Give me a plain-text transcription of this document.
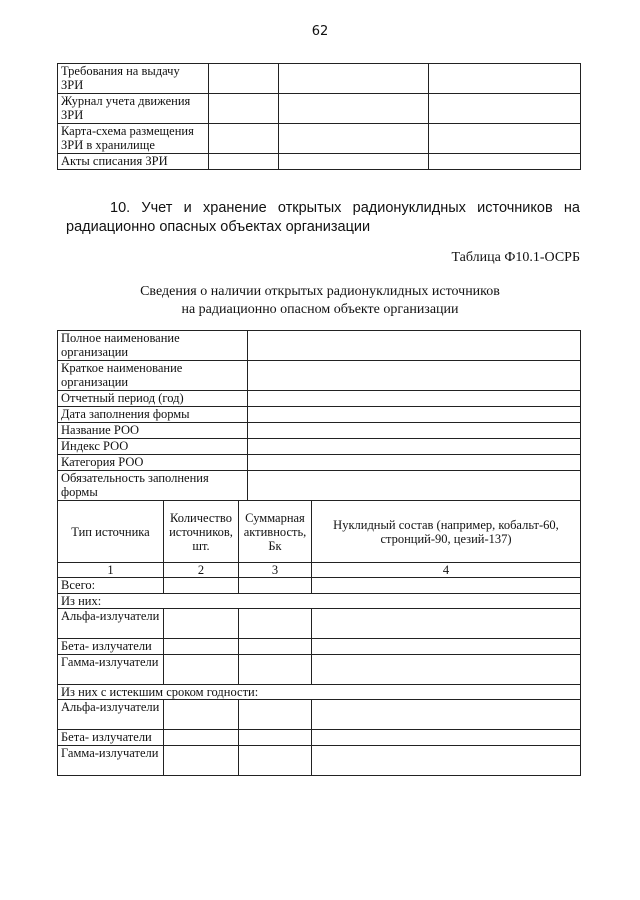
62
Требования на выдачу ЗРИ			
Журнал учета движения ЗРИ			
Карта-схема размещения ЗРИ в хранилище			
Акты списания ЗРИ			
10. Учет и хранение открытых радионуклидных источников на радиационно опасных объектах организации
Таблица Ф10.1-ОСРБ
Сведения о наличии открытых радионуклидных источников
на радиационно опасном объекте организации
Полное наименование организации	
Краткое наименование организации	
Отчетный период (год)	
Дата заполнения формы	
Название РОО	
Индекс РОО	
Категория РОО	
Обязательность заполнения формы	
Тип источника	Количество источников, шт.	Суммарная активность, Бк	Нуклидный состав (например, кобальт-60, стронций-90, цезий-137)
1	2	3	4
Всего:			
Из них:			
Альфа-излучатели			
Бета- излучатели			
Гамма-излучатели			
Из них с истекшим сроком годности:			
Альфа-излучатели			
Бета- излучатели			
Гамма-излучатели			
